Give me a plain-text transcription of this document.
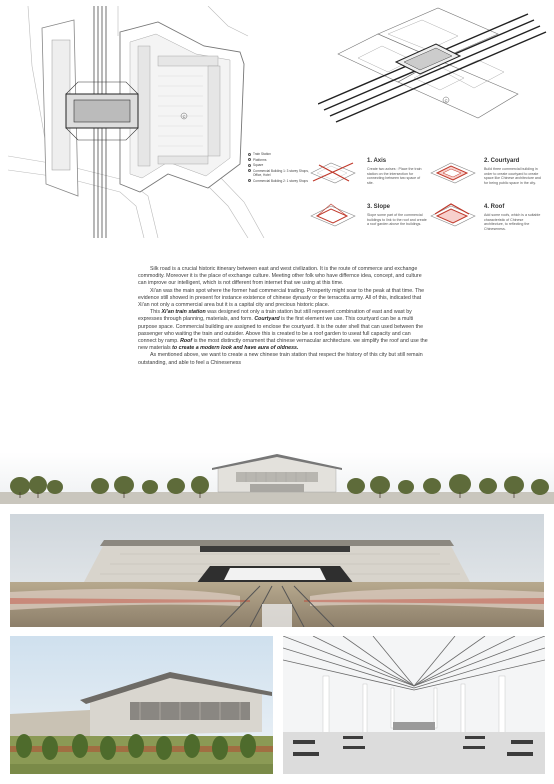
C
Train Station
Platforms
Square
Commercial Building 1: 3 storey Shops, Office, Hotel
Commercial Building 2: 1 storey Shops
C
1. Axis
Create two axises : Place the train station on the intersection for connecting between two space of site.
2. Courtyard
Build three commercial building in order to create courtyard to create space like Chinese architecture and for being public space in the city.
3. Slope
Slope some part of the commercial buildings to link to the roof and create a roof garden above the buildings.
4. Roof
Add some roofs, which is a suitable characteristic of Chinese architecture, to reflecting the Chineseness.

Silk road is a crucial historic itinerary between east and west civilization. It is the route of commerce and exchange commodity. Moreover it is the place of exchange culture. Meeting other folk who have differnce idea, concept, and culture can improve our intelligent, which is not different from internet that we using at this time.

Xi'an was the main spot where the former had commercial trading. Prosperity might soar to the peak at that time. The evidence still showed in present for instance existence of chinese dynasty or the terracotta army. All of this, indicated that Xi'an not only a commercial area but it is a capital city and precious historic place.

This Xi'an train station was designed not only a train station but still represent combination of east and wast by expresses through planning, materials, and form. Courtyard is the first element we use. This courtyard can be a multi purpose space. Commercial building are assigned to enclose the courtyard. It is the outer shell that can used between the passenger who waiting the train and outsider. Above this is created to be a roof garden to useat full capacity and can connect by ramp. Roof is the most distinctly ornament that chinese vernacular architecture. we simplify the roof and use the new materials to create a modern look and have aura of oldness.

As mentioned above, we want to create a new chinese train station that respect the history of this city but still remain outstanding, and able to feel a Chineseness
